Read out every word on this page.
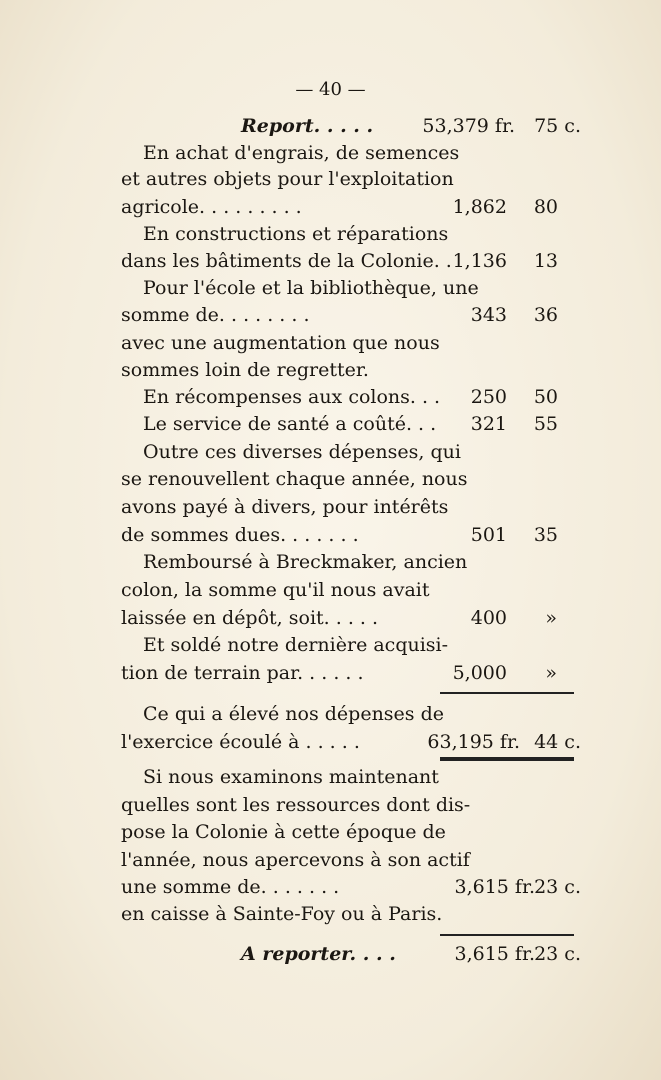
— 40 —
Report. . . . .
En achat d'engrais, de semences
et autres objets pour l'exploitation
agricole. . . . . . . . .
En constructions et réparations
dans les bâtiments de la Colonie. .
Pour l'école et la bibliothèque, une
somme de. . . . . . . .
avec une augmentation que nous
sommes loin de regretter.
En récompenses aux colons. . .
Le service de santé a coûté. . .
Outre ces diverses dépenses, qui
se renouvellent chaque année, nous
avons payé à divers, pour intérêts
de sommes dues. . . . . . .
Remboursé à Breckmaker, ancien
colon, la somme qu'il nous avait
laissée en dépôt, soit. . . . .
Et soldé notre dernière acquisi-
tion de terrain par. . . . . .
Ce qui a élevé nos dépenses de
l'exercice écoulé à . . . . .
Si nous examinons maintenant
quelles sont les ressources dont dis-
pose la Colonie à cette époque de
l'année, nous apercevons à son actif
une somme de. . . . . . .
en caisse à Sainte-Foy ou à Paris.
A reporter. . . .
53,379 fr.
1,862
1,136
343
250
321
501
400
5,000
63,195 fr.
3,615 fr.
3,615 fr.
75 c.
80
13
36
50
55
35
»
»
44 c.
23 c.
23 c.
